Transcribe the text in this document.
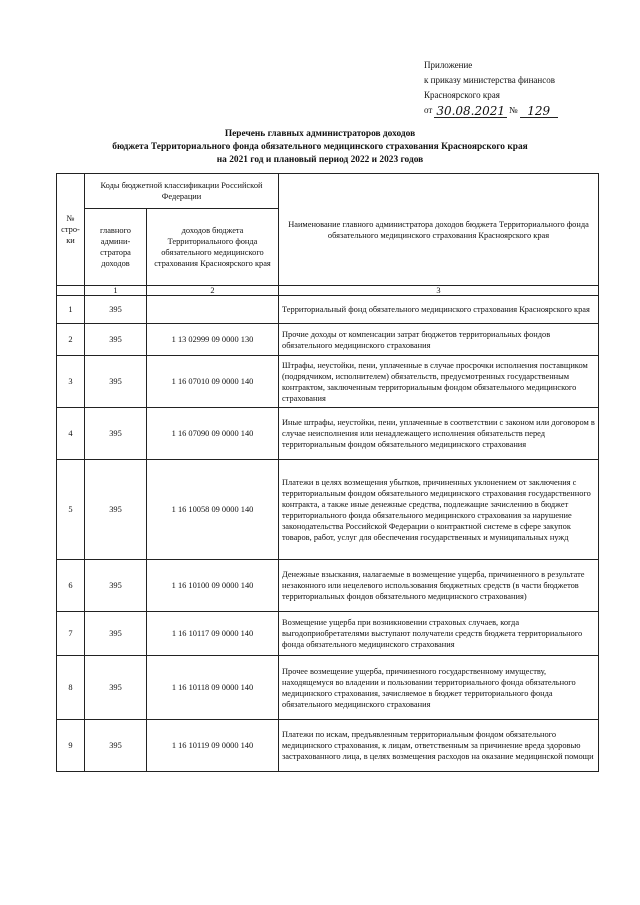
Приложение
к приказу министерства финансов
Красноярского края
от 30.08.2021 № 129
Перечень главных администраторов доходов
бюджета Территориального фонда обязательного медицинского страхования Красноярского края
на 2021 год и плановый период 2022 и 2023 годов
№ стро-ки	Коды бюджетной классификации Российской Федерации		Наименование главного администратора доходов бюджета Территориального фонда обязательного медицинского страхования Красноярского края
	главного админи-стратора доходов	доходов бюджета Территориального фонда обязательного медицинского страхования Красноярского края	
	1	2	3
1	395		Территориальный фонд обязательного медицинского страхования Красноярского края
2	395	1 13 02999 09 0000 130	Прочие доходы от компенсации затрат бюджетов территориальных фондов обязательного медицинского страхования
3	395	1 16 07010 09 0000 140	Штрафы, неустойки, пени, уплаченные в случае просрочки исполнения поставщиком (подрядчиком, исполнителем) обязательств, предусмотренных государственным контрактом, заключенным территориальным фондом обязательного медицинского страхования
4	395	1 16 07090 09 0000 140	Иные штрафы, неустойки, пени, уплаченные в соответствии с законом или договором в случае неисполнения или ненадлежащего исполнения обязательств перед территориальным фондом обязательного медицинского страхования
5	395	1 16 10058 09 0000 140	Платежи в целях возмещения убытков, причиненных уклонением от заключения с территориальным фондом обязательного медицинского страхования государственного контракта, а также иные денежные средства, подлежащие зачислению в бюджет территориального фонда обязательного медицинского страхования за нарушение законодательства Российской Федерации о контрактной системе в сфере закупок товаров, работ, услуг для обеспечения государственных и муниципальных нужд
6	395	1 16 10100 09 0000 140	Денежные взыскания, налагаемые в возмещение ущерба, причиненного в результате незаконного или нецелевого использования бюджетных средств (в части бюджетов территориальных фондов обязательного медицинского страхования)
7	395	1 16 10117 09 0000 140	Возмещение ущерба при возникновении страховых случаев, когда выгодоприобретателями выступают получатели средств бюджета территориального фонда обязательного медицинского страхования
8	395	1 16 10118 09 0000 140	Прочее возмещение ущерба, причиненного государственному имуществу, находящемуся во владении и пользовании территориального фонда обязательного медицинского страхования, зачисляемое в бюджет территориального фонда обязательного медицинского страхования
9	395	1 16 10119 09 0000 140	Платежи по искам, предъявленным территориальным фондом обязательного медицинского страхования, к лицам, ответственным за причинение вреда здоровью застрахованного лица, в целях возмещения расходов на оказание медицинской помощи
